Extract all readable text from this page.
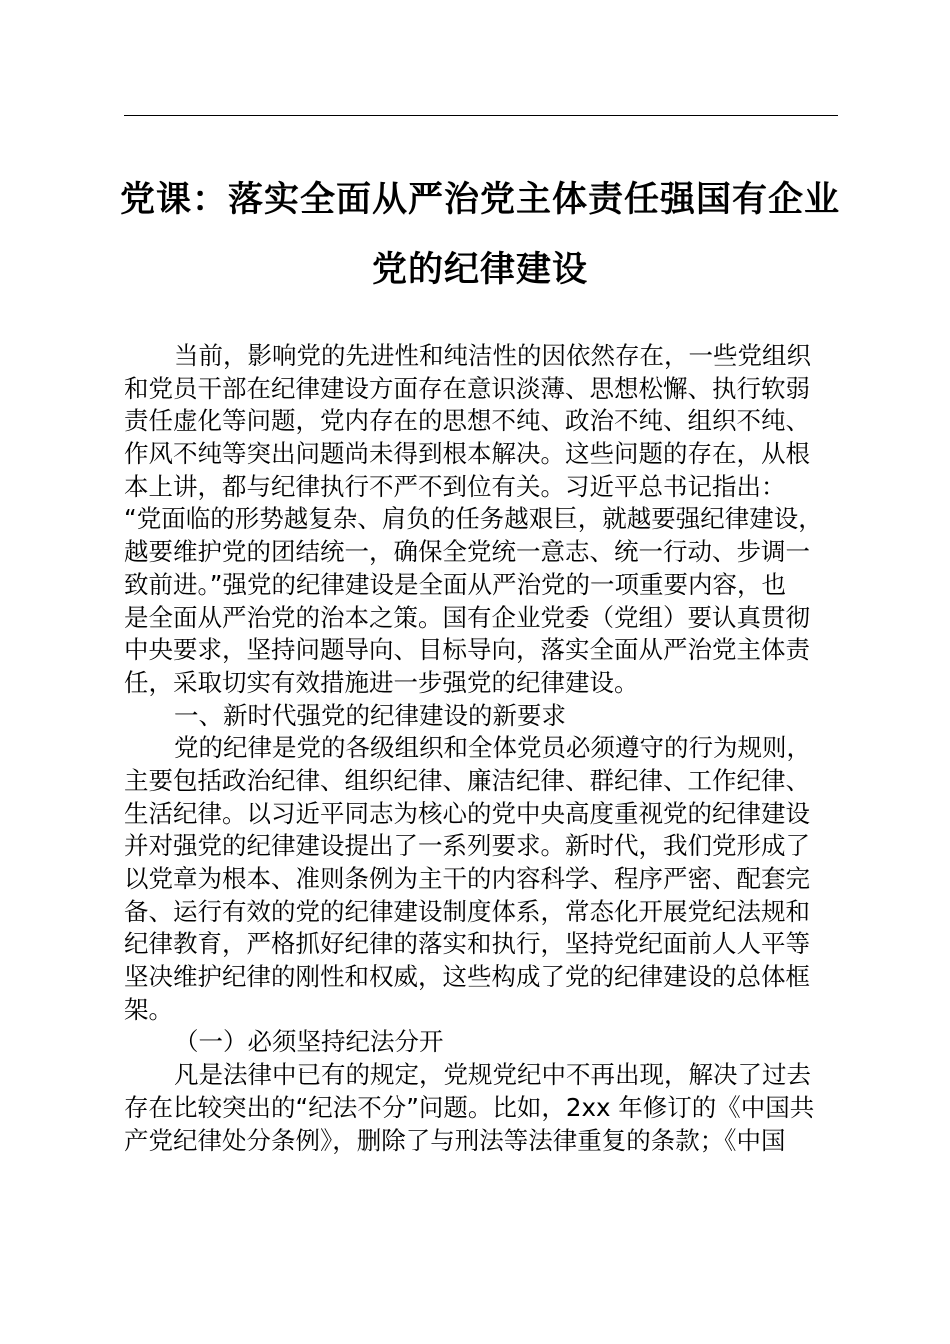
党课：落实全面从严治党主体责任强国有企业
党的纪律建设
当前，影响党的先进性和纯洁性的因依然存在，一些党组织
和党员干部在纪律建设方面存在意识淡薄、思想松懈、执行软弱
责任虚化等问题，党内存在的思想不纯、政治不纯、组织不纯、
作风不纯等突出问题尚未得到根本解决。这些问题的存在，从根
本上讲，都与纪律执行不严不到位有关。习近平总书记指出：
“党面临的形势越复杂、肩负的任务越艰巨，就越要强纪律建设，
越要维护党的团结统一，确保全党统一意志、统一行动、步调一
致前进。”强党的纪律建设是全面从严治党的一项重要内容，也
是全面从严治党的治本之策。国有企业党委（党组）要认真贯彻
中央要求，坚持问题导向、目标导向，落实全面从严治党主体责
任，采取切实有效措施进一步强党的纪律建设。
一、新时代强党的纪律建设的新要求
党的纪律是党的各级组织和全体党员必须遵守的行为规则，
主要包括政治纪律、组织纪律、廉洁纪律、群纪律、工作纪律、
生活纪律。以习近平同志为核心的党中央高度重视党的纪律建设
并对强党的纪律建设提出了一系列要求。新时代，我们党形成了
以党章为根本、准则条例为主干的内容科学、程序严密、配套完
备、运行有效的党的纪律建设制度体系，常态化开展党纪法规和
纪律教育，严格抓好纪律的落实和执行，坚持党纪面前人人平等
坚决维护纪律的刚性和权威，这些构成了党的纪律建设的总体框
架。
（一）必须坚持纪法分开
凡是法律中已有的规定，党规党纪中不再出现，解决了过去
存在比较突出的“纪法不分”问题。比如，2xx 年修订的《中国共
产党纪律处分条例》，删除了与刑法等法律重复的条款；《中国
